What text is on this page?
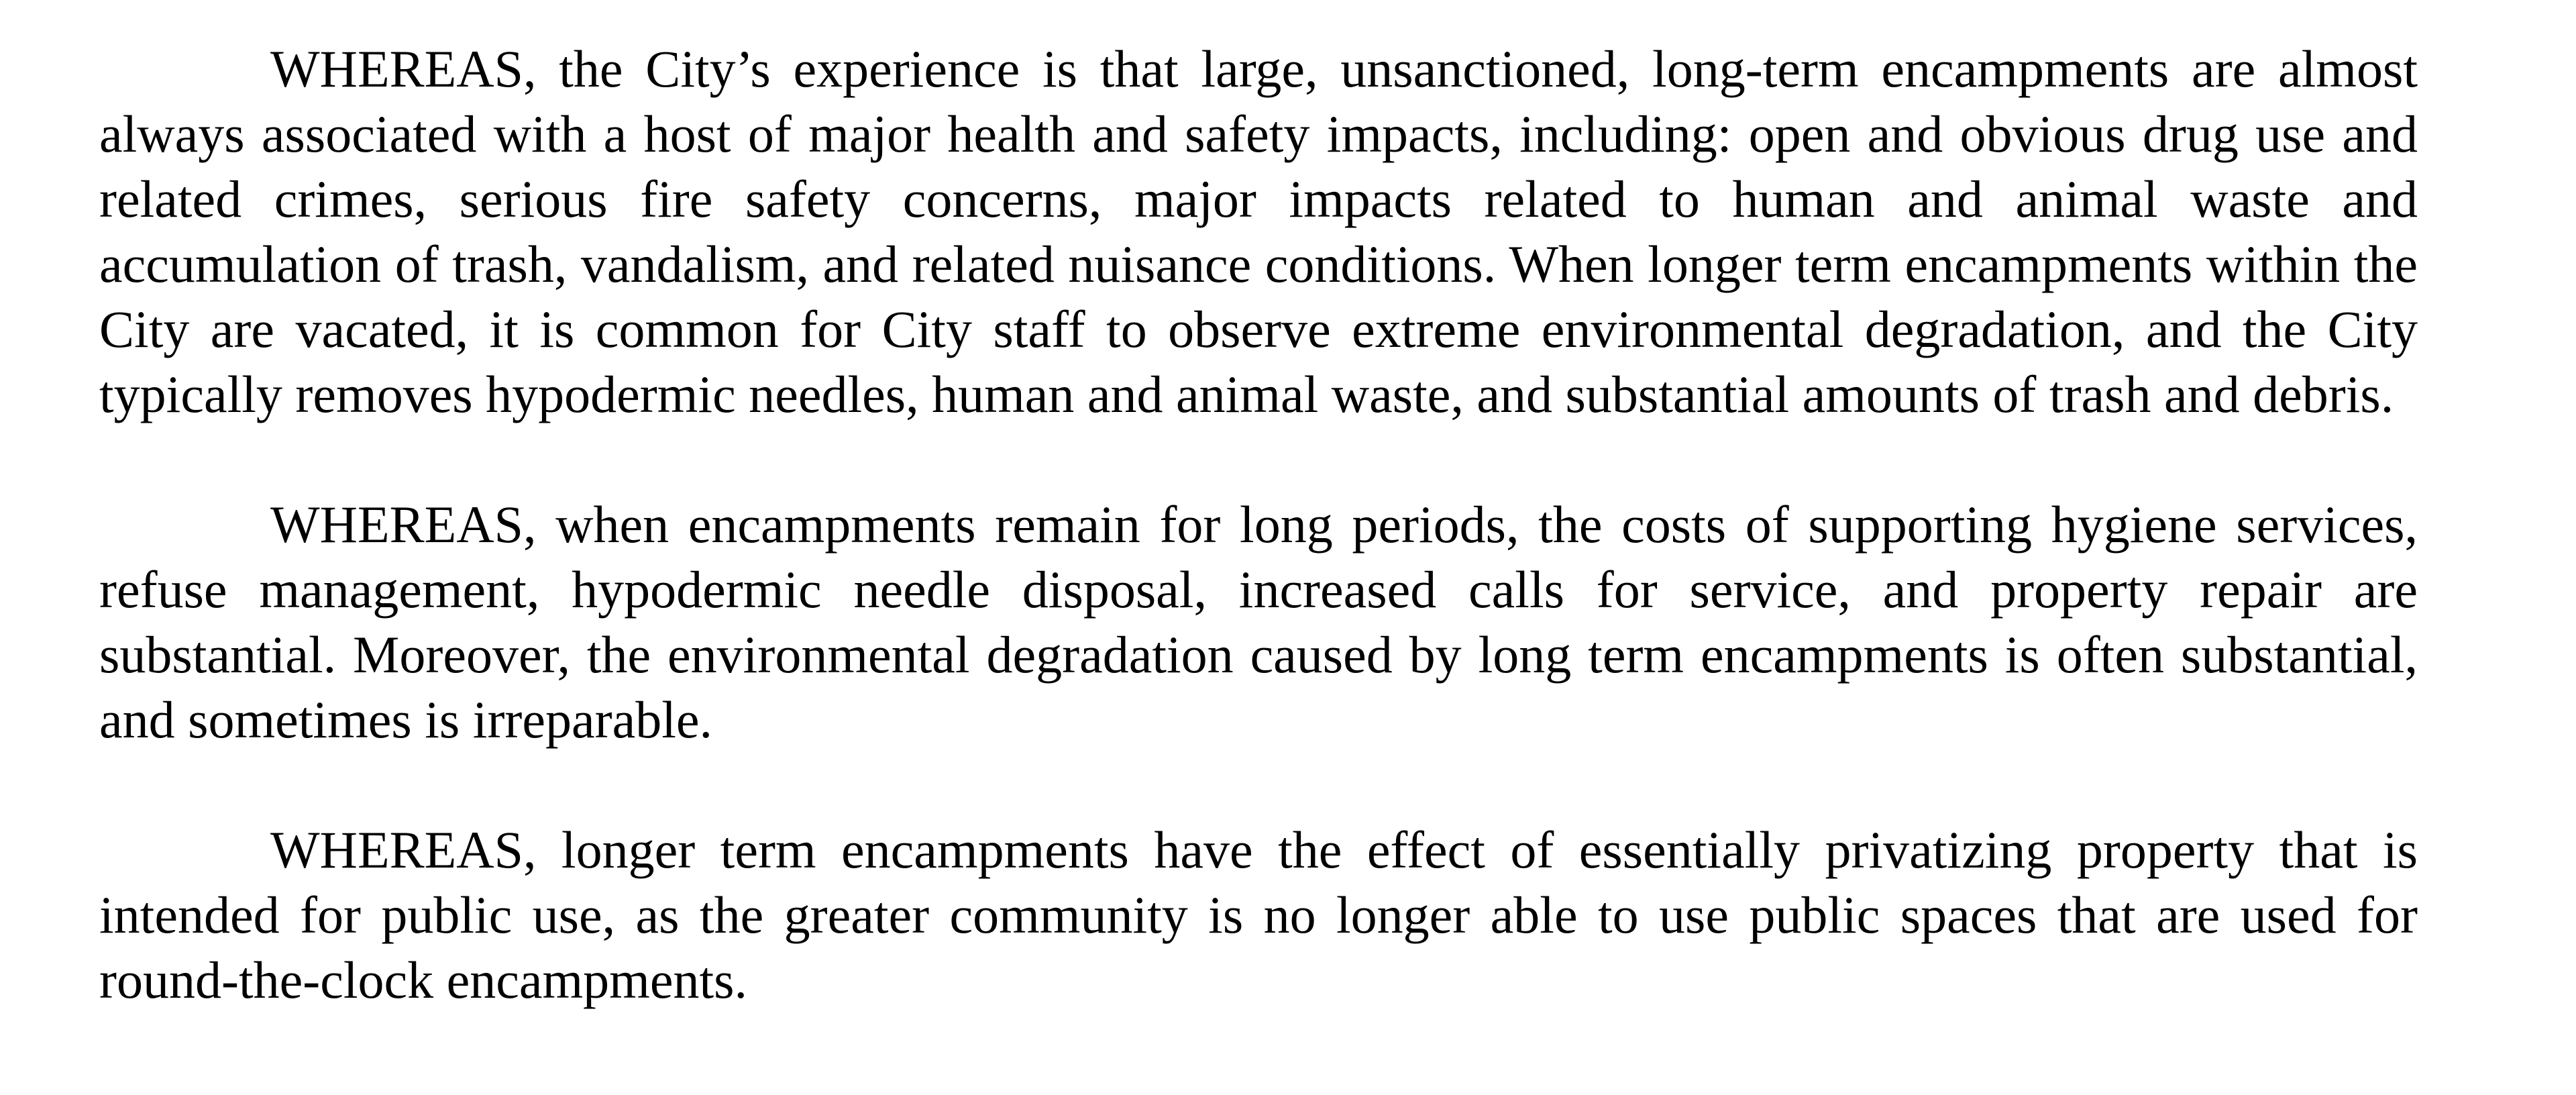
WHEREAS, the City’s experience is that large, unsanctioned, long-term encampments are almost always associated with a host of major health and safety impacts, including: open and obvious drug use and related crimes, serious fire safety concerns, major impacts related to human and animal waste and accumulation of trash, vandalism, and related nuisance conditions. When longer term encampments within the City are vacated, it is common for City staff to observe extreme environmental degradation, and the City typically removes hypodermic needles, human and animal waste, and substantial amounts of trash and debris.

WHEREAS, when encampments remain for long periods, the costs of supporting hygiene services, refuse management, hypodermic needle disposal, increased calls for service, and property repair are substantial. Moreover, the environmental degradation caused by long term encampments is often substantial, and sometimes is irreparable.

WHEREAS, longer term encampments have the effect of essentially privatizing property that is intended for public use, as the greater community is no longer able to use public spaces that are used for round-the-clock encampments.
